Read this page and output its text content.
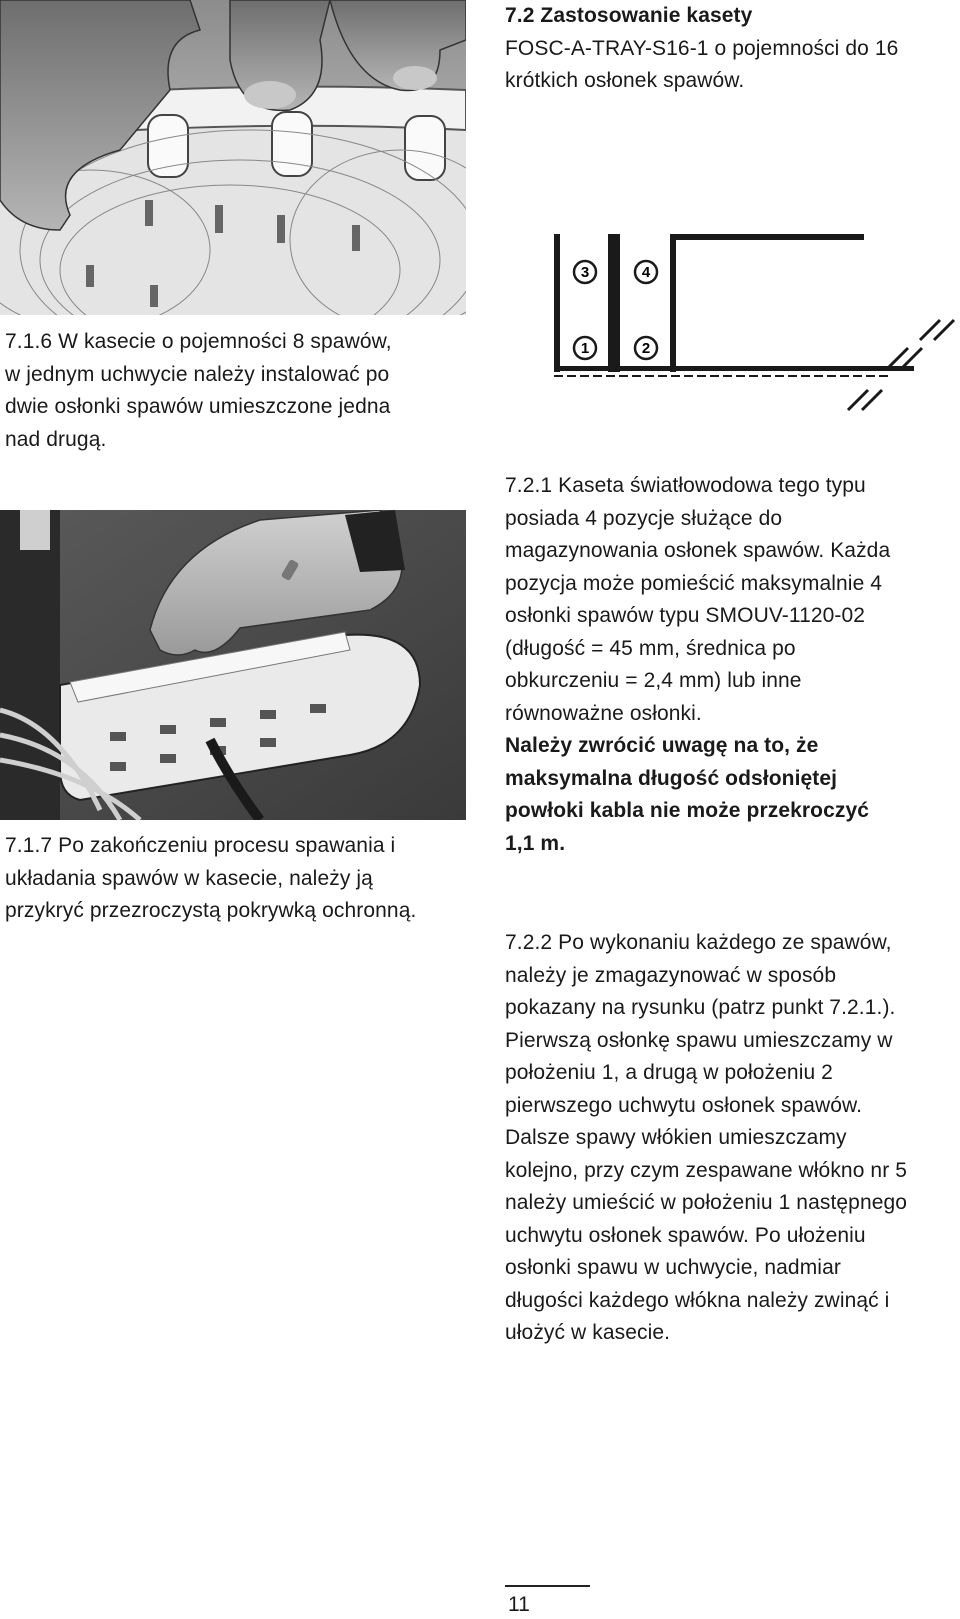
7.2 Zastosowanie kasety

FOSC-A-TRAY-S16-1 o pojemności do 16

krótkich osłonek spawów.

3	4
1	2

7.1.6 W kasecie o pojemności 8 spawów,

w jednym uchwycie należy instalować po

dwie osłonki spawów umieszczone jedna

nad drugą.

7.2.1 Kaseta światłowodowa tego typu

posiada 4 pozycje służące do

magazynowania osłonek spawów. Każda

pozycja może pomieścić maksymalnie 4

osłonki spawów typu SMOUV-1120-02

(długość = 45 mm, średnica po

obkurczeniu = 2,4 mm) lub inne

równoważne osłonki.

Należy zwrócić uwagę na to, że

maksymalna długość odsłoniętej

powłoki kabla nie może przekroczyć

1,1 m.

7.1.7 Po zakończeniu procesu spawania i

układania spawów w kasecie, należy ją

przykryć przezroczystą pokrywką ochronną.

7.2.2 Po wykonaniu każdego ze spawów,

należy je zmagazynować w sposób

pokazany na rysunku (patrz punkt 7.2.1.).

Pierwszą osłonkę spawu umieszczamy w

położeniu 1, a drugą w położeniu 2

pierwszego uchwytu osłonek spawów.

Dalsze spawy włókien umieszczamy

kolejno, przy czym zespawane włókno nr 5

należy umieścić w położeniu 1 następnego

uchwytu osłonek spawów. Po ułożeniu

osłonki spawu w uchwycie, nadmiar

długości każdego włókna należy zwinąć i

ułożyć w kasecie.

11
